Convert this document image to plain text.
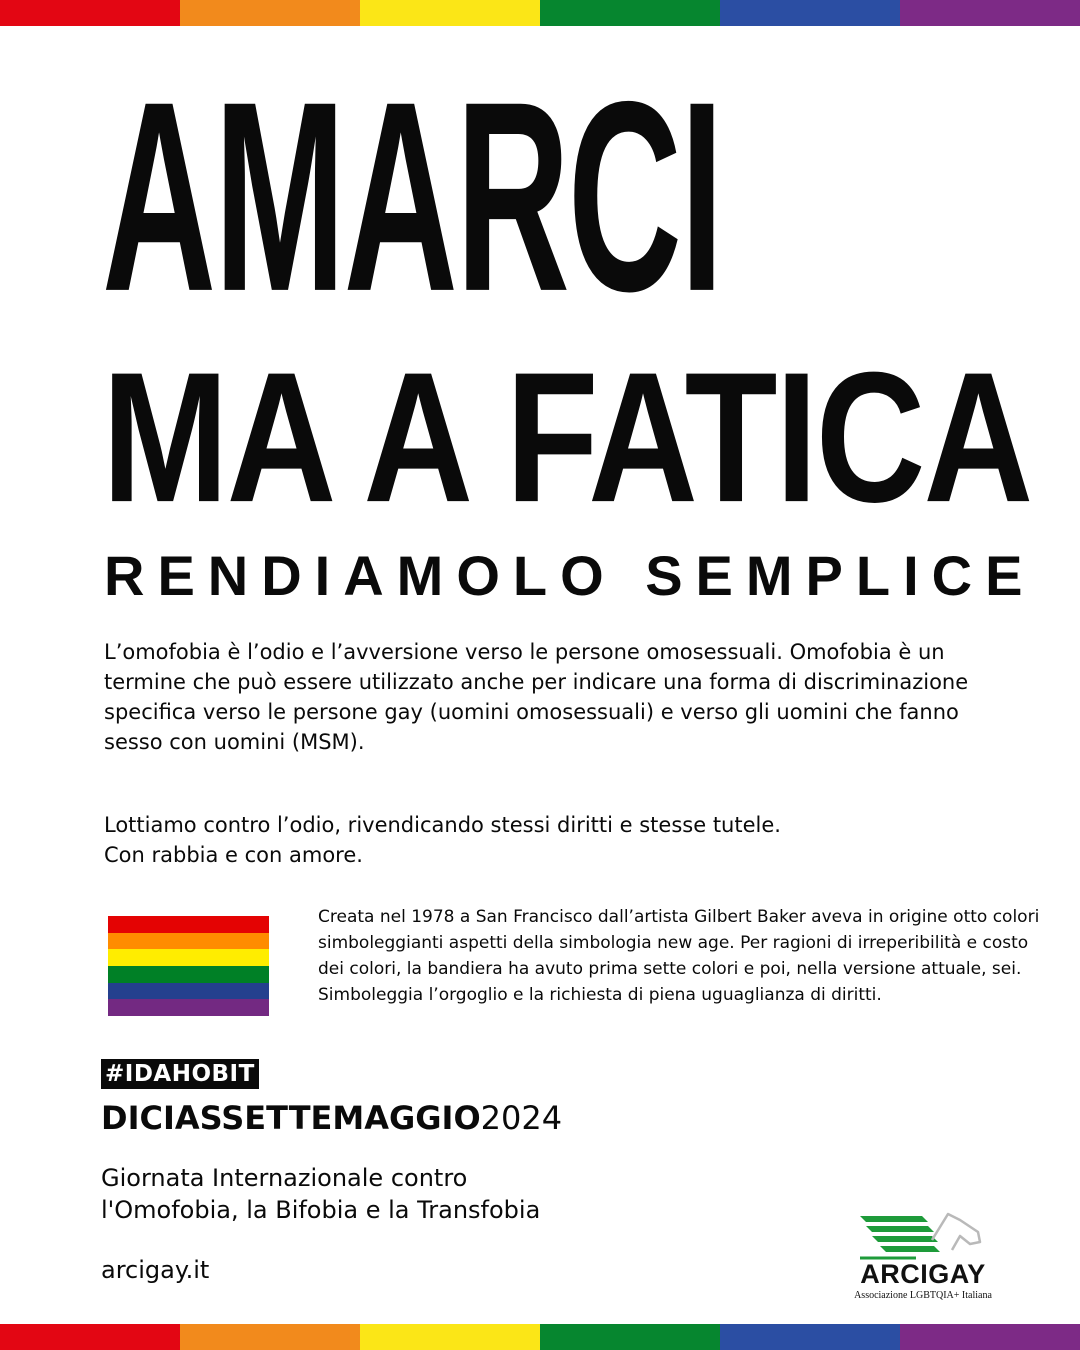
AMARCI
MA A FATICA
RENDIAMOLO SEMPLICE

L’omofobia è l’odio e l’avversione verso le persone omosessuali. Omofobia è un termine che può essere utilizzato anche per indicare una forma di discriminazione specifica verso le persone gay (uomini omosessuali) e verso gli uomini che fanno sesso con uomini (MSM).

Lottiamo contro l’odio, rivendicando stessi diritti e stesse tutele.
Con rabbia e con amore.

Creata nel 1978 a San Francisco dall’artista Gilbert Baker aveva in origine otto colori simboleggianti aspetti della simbologia new age. Per ragioni di irreperibilità e costo dei colori, la bandiera ha avuto prima sette colori e poi, nella versione attuale, sei. Simboleggia l’orgoglio e la richiesta di piena uguaglianza di diritti.

#IDAHOBIT

DICIASSETTEMAGGIO2024

Giornata Internazionale contro
l'Omofobia, la Bifobia e la Transfobia

arcigay.it	ARCIGAY

Associazione LGBTQIA+ Italiana
